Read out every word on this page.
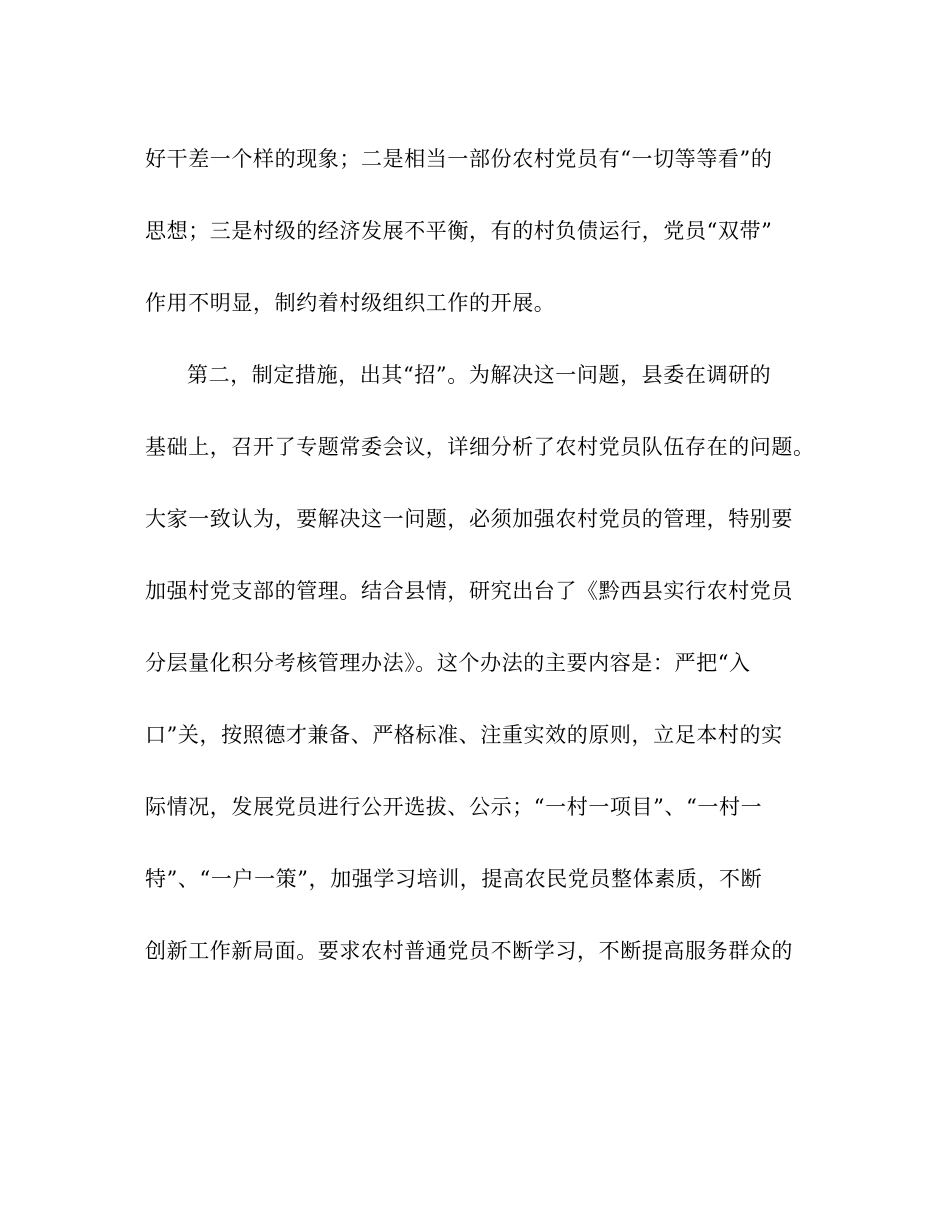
好干差一个样的现象；二是相当一部份农村党员有“一切等等看”的
思想；三是村级的经济发展不平衡，有的村负债运行，党员“双带”
作用不明显，制约着村级组织工作的开展。
第二，制定措施，出其“招”。为解决这一问题，县委在调研的
基础上，召开了专题常委会议，详细分析了农村党员队伍存在的问题。
大家一致认为，要解决这一问题，必须加强农村党员的管理，特别要
加强村党支部的管理。结合县情，研究出台了《黔西县实行农村党员
分层量化积分考核管理办法》。这个办法的主要内容是：严把“入
口”关，按照德才兼备、严格标准、注重实效的原则，立足本村的实
际情况，发展党员进行公开选拔、公示；“一村一项目”、“一村一
特”、“一户一策”，加强学习培训，提高农民党员整体素质，不断
创新工作新局面。要求农村普通党员不断学习，不断提高服务群众的
